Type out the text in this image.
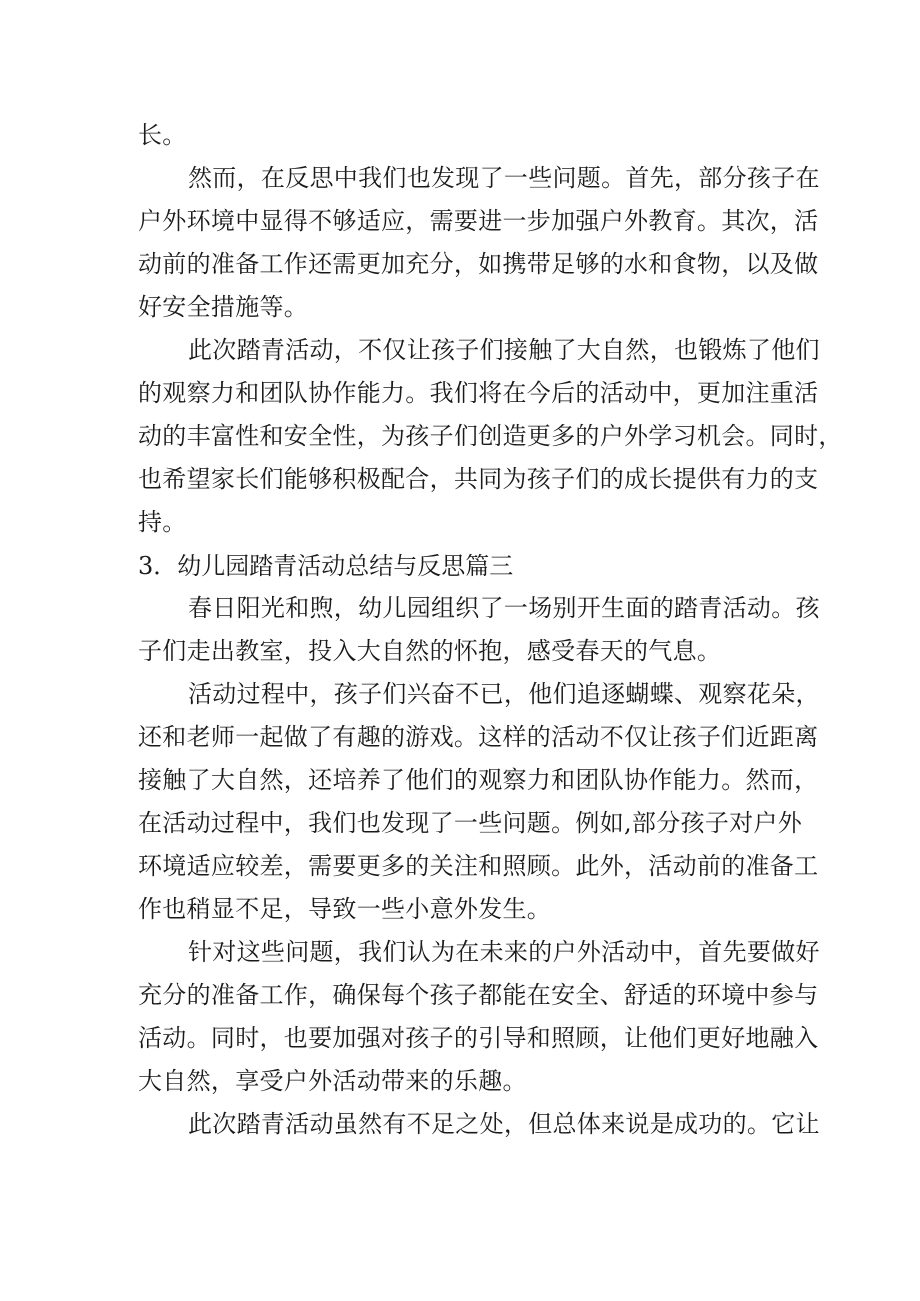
长。
然而，在反思中我们也发现了一些问题。首先，部分孩子在
户外环境中显得不够适应，需要进一步加强户外教育。其次，活
动前的准备工作还需更加充分，如携带足够的水和食物，以及做
好安全措施等。
此次踏青活动，不仅让孩子们接触了大自然，也锻炼了他们
的观察力和团队协作能力。我们将在今后的活动中，更加注重活
动的丰富性和安全性，为孩子们创造更多的户外学习机会。同时，
也希望家长们能够积极配合，共同为孩子们的成长提供有力的支
持。
3．幼儿园踏青活动总结与反思篇三
春日阳光和煦，幼儿园组织了一场别开生面的踏青活动。孩
子们走出教室，投入大自然的怀抱，感受春天的气息。
活动过程中，孩子们兴奋不已，他们追逐蝴蝶、观察花朵，
还和老师一起做了有趣的游戏。这样的活动不仅让孩子们近距离
接触了大自然，还培养了他们的观察力和团队协作能力。然而，
在活动过程中，我们也发现了一些问题。例如,部分孩子对户外
环境适应较差，需要更多的关注和照顾。此外，活动前的准备工
作也稍显不足，导致一些小意外发生。
针对这些问题，我们认为在未来的户外活动中，首先要做好
充分的准备工作，确保每个孩子都能在安全、舒适的环境中参与
活动。同时，也要加强对孩子的引导和照顾，让他们更好地融入
大自然，享受户外活动带来的乐趣。
此次踏青活动虽然有不足之处，但总体来说是成功的。它让
